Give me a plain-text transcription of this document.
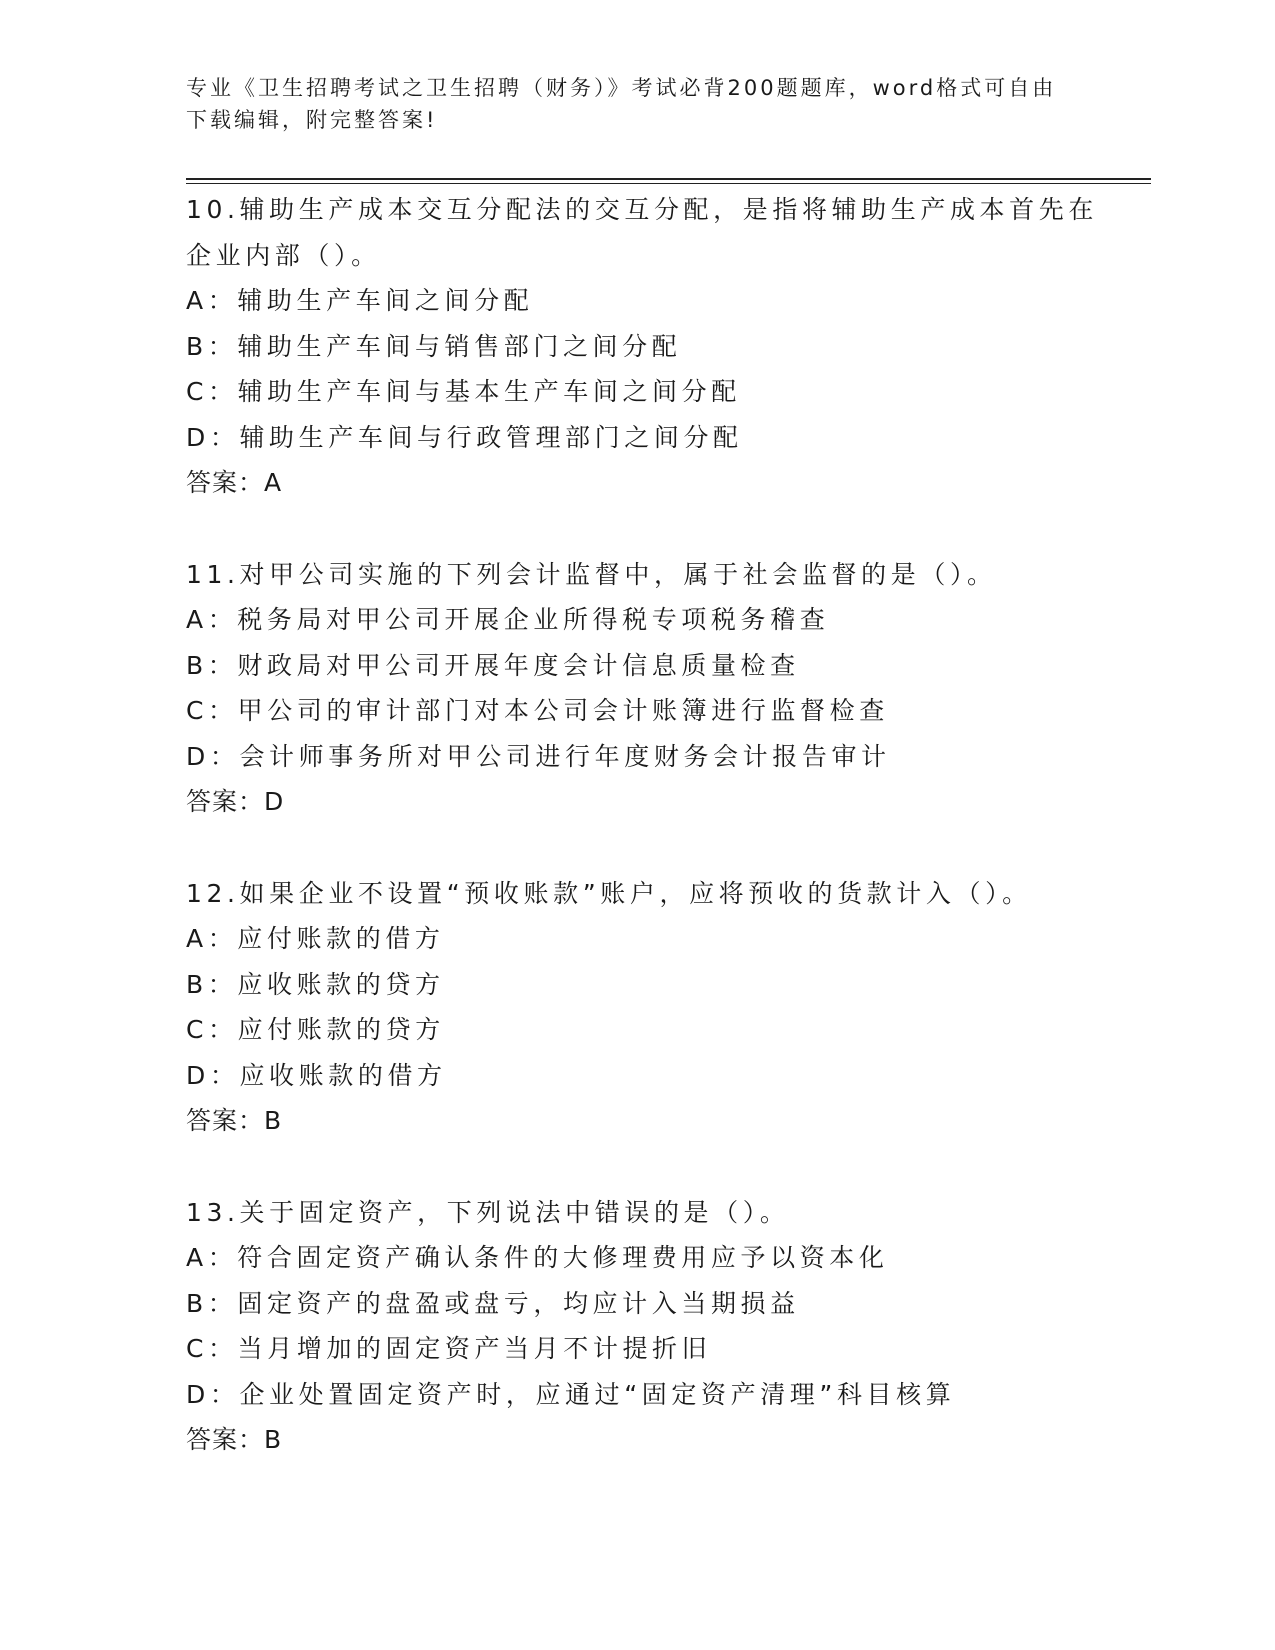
专业《卫生招聘考试之卫生招聘（财务）》考试必背200题题库，word格式可自由下载编辑，附完整答案!
10.辅助生产成本交互分配法的交互分配，是指将辅助生产成本首先在企业内部（）。
A：辅助生产车间之间分配
B：辅助生产车间与销售部门之间分配
C：辅助生产车间与基本生产车间之间分配
D：辅助生产车间与行政管理部门之间分配
答案：A
11.对甲公司实施的下列会计监督中，属于社会监督的是（）。
A：税务局对甲公司开展企业所得税专项税务稽查
B：财政局对甲公司开展年度会计信息质量检查
C：甲公司的审计部门对本公司会计账簿进行监督检查
D：会计师事务所对甲公司进行年度财务会计报告审计
答案：D
12.如果企业不设置“预收账款”账户，应将预收的货款计入（）。
A：应付账款的借方
B：应收账款的贷方
C：应付账款的贷方
D：应收账款的借方
答案：B
13.关于固定资产，下列说法中错误的是（）。
A：符合固定资产确认条件的大修理费用应予以资本化
B：固定资产的盘盈或盘亏，均应计入当期损益
C：当月增加的固定资产当月不计提折旧
D：企业处置固定资产时，应通过“固定资产清理”科目核算
答案：B
